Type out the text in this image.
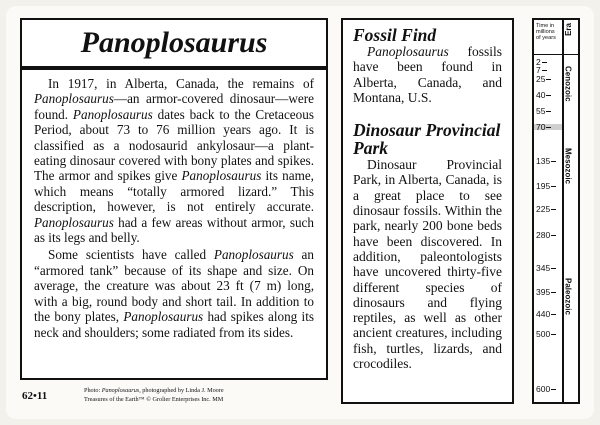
Panoplosaurus

In 1917, in Alberta, Canada, the remains of Panoplosaurus—an armor-covered dinosaur—were found. Panoplosaurus dates back to the Cretaceous Period, about 73 to 76 million years ago. It is classified as a nodosaurid ankylosaur—a plant-eating dinosaur covered with bony plates and spikes. The armor and spikes give Panoplosaurus its name, which means “totally armored lizard.” This description, however, is not entirely accurate. Panoplosaurus had a few areas without armor, such as its legs and belly.

Some scientists have called Panoplosaurus an “armored tank” because of its shape and size. On average, the creature was about 23 ft (7 m) long, with a big, round body and short tail. In addition to the bony plates, Panoplosaurus had spikes along its neck and shoulders; some radiated from its sides.

Fossil Find

Panoplosaurus fossils have been found in Alberta, Canada, and Montana, U.S.

Dinosaur Provincial Park

Dinosaur Provincial Park, in Alberta, Canada, is a great place to see dinosaur fossils. Within the park, nearly 200 bone beds have been discovered. In addition, paleontologists have uncovered thirty-five different species of dinosaurs and flying reptiles, as well as other ancient creatures, including fish, turtles, lizards, and crocodiles.

62•11	Photo: Panoplosaurus, photographed by Linda J. Moore
Treasures of the Earth™ © Grolier Enterprises Inc. MM
Time in
millions
of years
Era
2
7
25
40
55
70
135
195
225
280
345
395
440
500
600
Cenozoic
Mesozoic
Paleozoic
